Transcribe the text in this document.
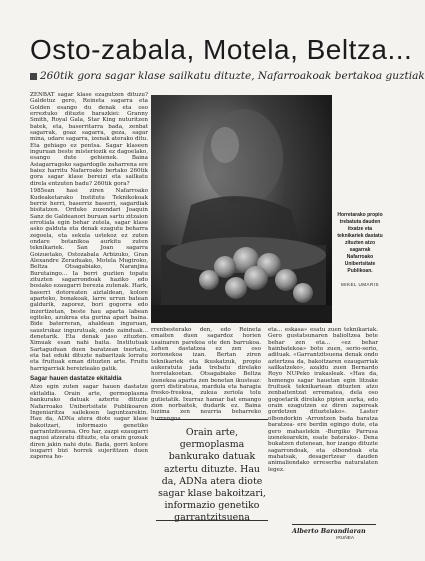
Osto-zabala, Motela, Beltza...
260tik gora sagar klase sailkatu dituzte, Nafarroakoak bertakoa guztiak

ZENBAT sagar klase ezagutzen dituzu? Galdetuz gero, Reineta sagarra eta Golden esango du denak eta oso erreztuko dituzte barazkiei: Granny Smith, Royal Gala, Star King nuturitzen batek, eta, baserritarra bada, zenbat sagarrak, goaz sagarra, geza, sagar mina, udare sagarra, izenak aterako ditu. Eta gehiago ez pentsa. Sagar klaseen inguruan beste misteriozik ez dagoelako, esango dute gehienek. Baina Asiagarragoko sagardogile zaharrena ere baiez harritu Nafarroako bertako 260tik gora sagar klase bereizi eta sailkatu direla entzuten badu? 260tik gora?

1985ean hasi ziren Nafarroako Kudeaketarako Institutu Teknikokoak berriz herri, baserriz baserri, sagardiak bisitatzen. Orduko zuzendari Joaquin Sanz de Galdeanori buruan sartu zitzaion errotiala egin behar zutela, sagar klase asko galduta eta denak ezagutu beharra zegoela, eta sekula ustekoz ez zuten ondare botanikoa aurkitu zuten teknikariek. San Joan sagarra Goizuetako, Ostozabala Arbizuko, Gran Alexandre Zeraduako, Motela Mugiroko, Beltza Otsagabiako, Naranjina Burutaingo... Ia berri guztien topatu zituzten sagarrondoak haziko edo bosiako ezaugarri berezia zutenak. Hark, baserri dotoreaten aiztaldean, kolore aparteko, bonakoak, larre urrun batean galdurik, zaporez, bori gogorra edo inzertizetan, beste hau aparta labean egiteko, azukrea eta gurina apart baina. Bide baterreran, ahaldean inguruan, saustrukaz ingurutuak, ondo zainduak... denetarik. Eta denak jaso zituzten. Ximuak esan nahi baita. Institutuak Sartaguduan duen baratzean txertatu, eta bat eduki dituzte nabaritzak lorratu eta fruituak eman dituzten arte. Fruitu harrigarriak bereizteako gatik.

Sagar hauen dastatze ekitaldia

Atzo egin zuten sagar hauen dastatze ekitaldia. Orain arte, germoplasma bankurako datuak aztertu dituzte Nafarroako Unibertsitate Publikoaren Ingeniaritza sailekoen laguntzarekin. Hau da, ADNa atera diote sagar klase bakoitzari, informazio genetiko garrantzitsuena. Oro har, zazpi ezaugarri nagusi atzeratu dituzte, eta orain gozoak diren jakin nahi dute. Bada, gorri kolore isugarri bizi horrek sujerittzen duen zaporea ho-

Horretarako propio trebatuta dauden itxatze eta teknikariek dastatu zituzten atzo sagarrak Nafarroako Unibertsitate Publikoan.
MIKEL UMARIS

rrenbesterako den, edo Reineta emaiten duen sagardoz horien usainaren parekoa ote den barrukoa. Lehen dastatzea ez zen oso zorionekoa izan. Bertan ziren teknikariek eta ikuskatzuk, propio aukeratuta jada trebatu direlako horrelakoetan. Otsagabiako Beltza izenekoa aparta zen benetan ikusteaz: gorri distiratsua, mardula eta haragia fresko-freskoa, zukua zeriola tolu gutietatik. Ixurraz hamar bat emango zion norbaitek, dudarik ez. Baina luzima zen neurria beharreko hurrengoa

Orain arte, germoplasma bankurako datuak aztertu dituzte. Hau da, ADNa atera diote sagar klase bakoitzari, informazio genetiko garrantzitsuena

eta... eskasa» esatu zuen teknikariak. Gero gustatsunaren balioltzea bete behar zen eta... «ez behar hainbatekoa» botu zuen, serio-serio, adituak. «Garrantzitsuena denak ondo aztertzea da, bakoitzaren ezaugarriak sailkatzeko», azaldu zuen Bernardo Royo NUPeko irakasleak. «Hau da, hemengo sagar hauetan egin litzake fruituek teknikariean dituzten atzo zenbaitentzat errematea, dela oso gogoetarik direlako pipien aurka, edo orain ezagutzen ez diren zaporeak gordetzen dituztelako». Laster olbondorkin -Arrontzen bada baratza baratzea- ere berdin egingo dute, eta gero mahastekin -Burgiko Parrusa izenekoarekin, esate baterako-. Dena bukatzen dutenean, hor izango dituzte sagarrondoak, eta olbondoak eta mahatsak, desagertzear dauden animaliendako erreserba naturalaten legez.

Alberto Barandiaran
IRUÑEA
